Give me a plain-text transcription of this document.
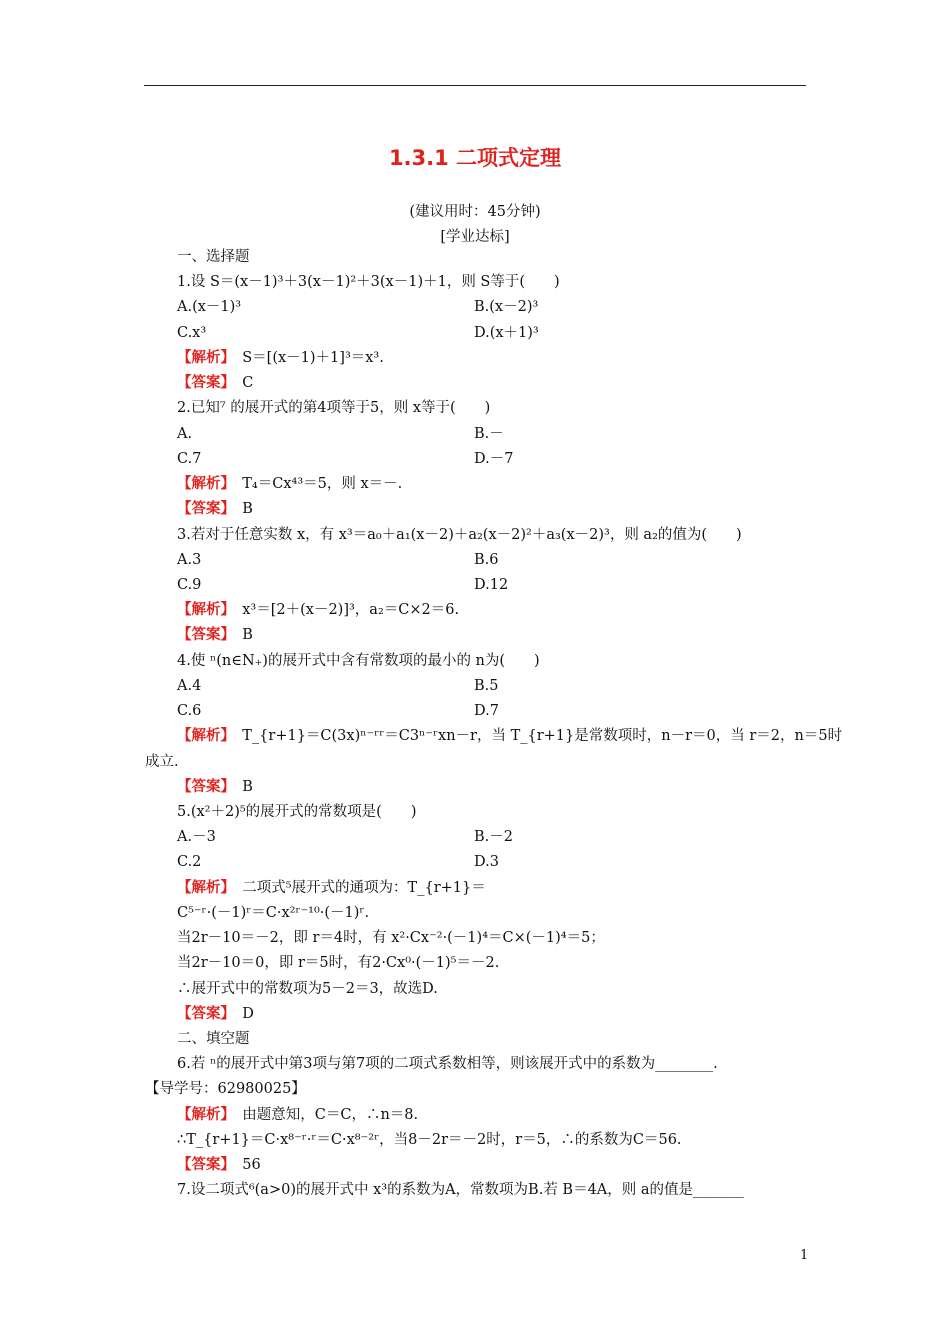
1.3.1 二项式定理
(建议用时：45分钟)
[学业达标]
一、选择题
1.设 S＝(x－1)³＋3(x－1)²＋3(x－1)＋1，则 S等于(　　)
A.(x－1)³	B.(x－2)³
C.x³	D.(x＋1)³
【解析】　S＝[(x－1)＋1]³＝x³.
【答案】　C
2.已知⁷ 的展开式的第4项等于5，则 x等于(　　)
A.	B.－
C.7	D.－7
【解析】　T₄＝Cx⁴³＝5，则 x＝－.
【答案】　B
3.若对于任意实数 x，有 x³＝a₀＋a₁(x－2)＋a₂(x－2)²＋a₃(x－2)³，则 a₂的值为(　　)
A.3	B.6
C.9	D.12
【解析】　x³＝[2＋(x－2)]³，a₂＝C×2＝6.
【答案】　B
4.使 ⁿ(n∈N₊)的展开式中含有常数项的最小的 n为(　　)
A.4	B.5
C.6	D.7
【解析】　T_{r+1}＝C(3x)ⁿ⁻ʳʳ＝C3ⁿ⁻ʳxn－r，当 T_{r+1}是常数项时，n－r＝0，当 r＝2，n＝5时
成立.
【答案】　B
5.(x²＋2)⁵的展开式的常数项是(　　)
A.－3	B.－2
C.2	D.3
【解析】　二项式⁵展开式的通项为：T_{r+1}＝
C⁵⁻ʳ·(－1)ʳ＝C·x²ʳ⁻¹⁰·(－1)ʳ.
当2r－10＝－2，即 r＝4时，有 x²·Cx⁻²·(－1)⁴＝C×(－1)⁴＝5；
当2r－10＝0，即 r＝5时，有2·Cx⁰·(－1)⁵＝－2.
∴展开式中的常数项为5－2＝3，故选D.
【答案】　D
二、填空题
6.若 ⁿ的展开式中第3项与第7项的二项式系数相等，则该展开式中的系数为________.
【导学号：62980025】
【解析】　由题意知，C＝C，∴n＝8.
∴T_{r+1}＝C·x⁸⁻ʳ·ʳ＝C·x⁸⁻²ʳ，当8－2r＝－2时，r＝5，∴的系数为C＝56.
【答案】　56
7.设二项式⁶(a>0)的展开式中 x³的系数为A，常数项为B.若 B＝4A，则 a的值是_______
1
